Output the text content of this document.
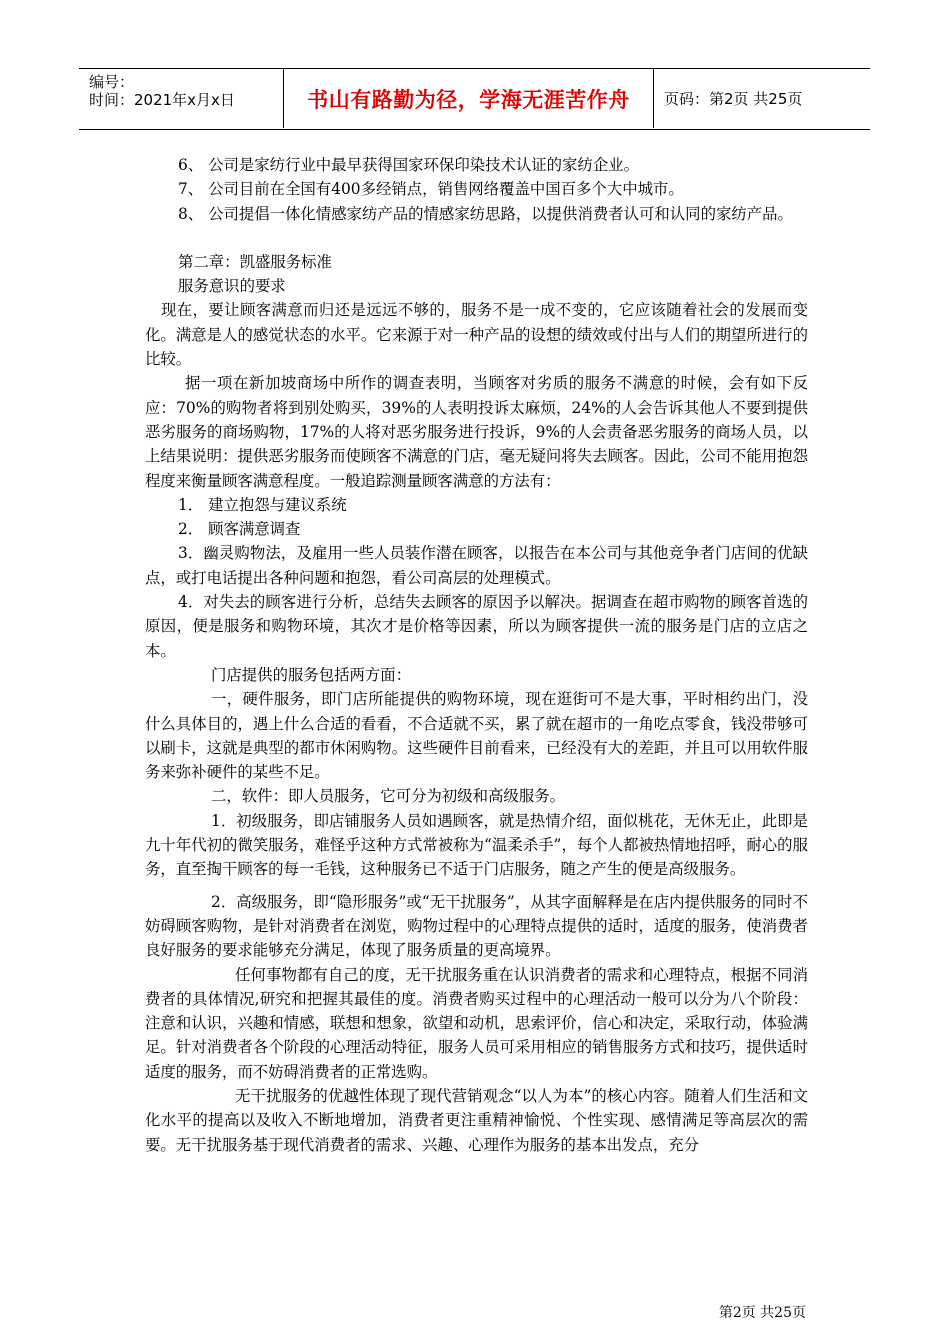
编号：
时间：2021年x月x日	书山有路勤为径，学海无涯苦作舟	页码：第2页 共25页

6、 公司是家纺行业中最早获得国家环保印染技术认证的家纺企业。

7、 公司目前在全国有400多经销点，销售网络覆盖中国百多个大中城市。

8、 公司提倡一体化情感家纺产品的情感家纺思路，以提供消费者认可和认同的家纺产品。

第二章：凯盛服务标准

服务意识的要求

现在，要让顾客满意而归还是远远不够的，服务不是一成不变的，它应该随着社会的发展而变化。满意是人的感觉状态的水平。它来源于对一种产品的设想的绩效或付出与人们的期望所进行的比较。

据一项在新加坡商场中所作的调查表明，当顾客对劣质的服务不满意的时候，会有如下反应：70%的购物者将到别处购买，39%的人表明投诉太麻烦，24%的人会告诉其他人不要到提供恶劣服务的商场购物，17%的人将对恶劣服务进行投诉，9%的人会责备恶劣服务的商场人员，以上结果说明：提供恶劣服务而使顾客不满意的门店，毫无疑问将失去顾客。因此，公司不能用抱怨程度来衡量顾客满意程度。一般追踪测量顾客满意的方法有：

1． 建立抱怨与建议系统

2． 顾客满意调查

3．幽灵购物法，及雇用一些人员装作潜在顾客，以报告在本公司与其他竞争者门店间的优缺点，或打电话提出各种问题和抱怨，看公司高层的处理模式。

4．对失去的顾客进行分析，总结失去顾客的原因予以解决。据调查在超市购物的顾客首选的原因，便是服务和购物环境，其次才是价格等因素，所以为顾客提供一流的服务是门店的立店之本。

门店提供的服务包括两方面：

一，硬件服务，即门店所能提供的购物环境，现在逛街可不是大事，平时相约出门，没什么具体目的，遇上什么合适的看看，不合适就不买，累了就在超市的一角吃点零食，钱没带够可以刷卡，这就是典型的都市休闲购物。这些硬件目前看来，已经没有大的差距，并且可以用软件服务来弥补硬件的某些不足。

二，软件：即人员服务，它可分为初级和高级服务。

1．初级服务，即店铺服务人员如遇顾客，就是热情介绍，面似桃花，无休无止，此即是九十年代初的微笑服务，难怪乎这种方式常被称为“温柔杀手”，每个人都被热情地招呼，耐心的服务，直至掏干顾客的每一毛钱，这种服务已不适于门店服务，随之产生的便是高级服务。

2．高级服务，即“隐形服务”或“无干扰服务”，从其字面解释是在店内提供服务的同时不妨碍顾客购物，是针对消费者在浏览，购物过程中的心理特点提供的适时，适度的服务，使消费者良好服务的要求能够充分满足，体现了服务质量的更高境界。

任何事物都有自己的度，无干扰服务重在认识消费者的需求和心理特点，根据不同消费者的具体情况,研究和把握其最佳的度。消费者购买过程中的心理活动一般可以分为八个阶段：注意和认识，兴趣和情感，联想和想象，欲望和动机，思索评价，信心和决定，采取行动，体验满足。针对消费者各个阶段的心理活动特征，服务人员可采用相应的销售服务方式和技巧，提供适时适度的服务，而不妨碍消费者的正常选购。

无干扰服务的优越性体现了现代营销观念“以人为本”的核心内容。随着人们生活和文化水平的提高以及收入不断地增加，消费者更注重精神愉悦、个性实现、感情满足等高层次的需要。无干扰服务基于现代消费者的需求、兴趣、心理作为服务的基本出发点，充分

第2页 共25页
